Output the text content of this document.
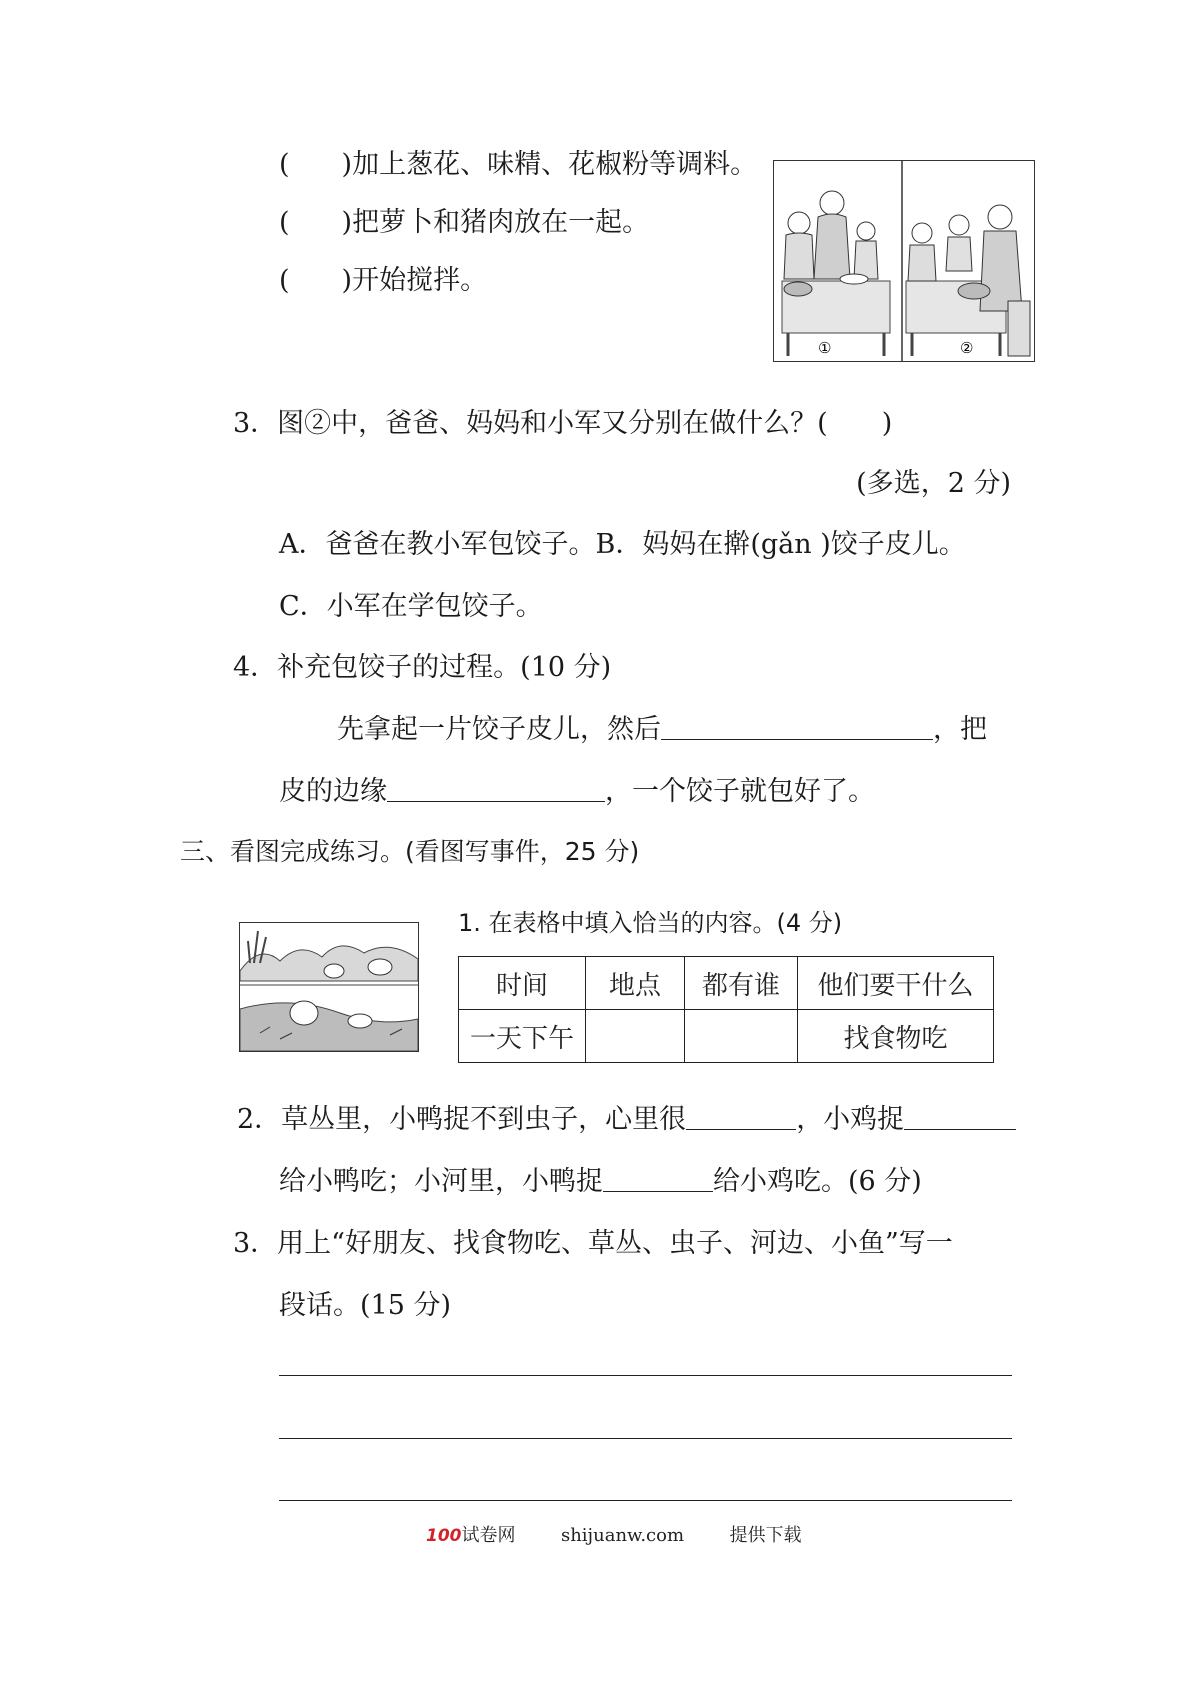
( )加上葱花、味精、花椒粉等调料。
( )把萝卜和猪肉放在一起。
( )开始搅拌。
①	②
3．图②中，爸爸、妈妈和小军又分别在做什么？(　　)
(多选，2 分)
A．爸爸在教小军包饺子。B．妈妈在擀(gǎn )饺子皮儿。
C．小军在学包饺子。
4．补充包饺子的过程。(10 分)
先拿起一片饺子皮儿，然后	，把
皮的边缘	，一个饺子就包好了。
三、看图完成练习。(看图写事件，25 分)
1. 在表格中填入恰当的内容。(4 分)
时间	地点	都有谁	他们要干什么
一天下午			找食物吃
2．草丛里，小鸭捉不到虫子，心里很	，小鸡捉
给小鸭吃；小河里，小鸭捉	给小鸡吃。(6 分)
3．用上“好朋友、找食物吃、草丛、虫子、河边、小鱼”写一
段话。(15 分)
100试卷网	shijuanw.com	提供下载
